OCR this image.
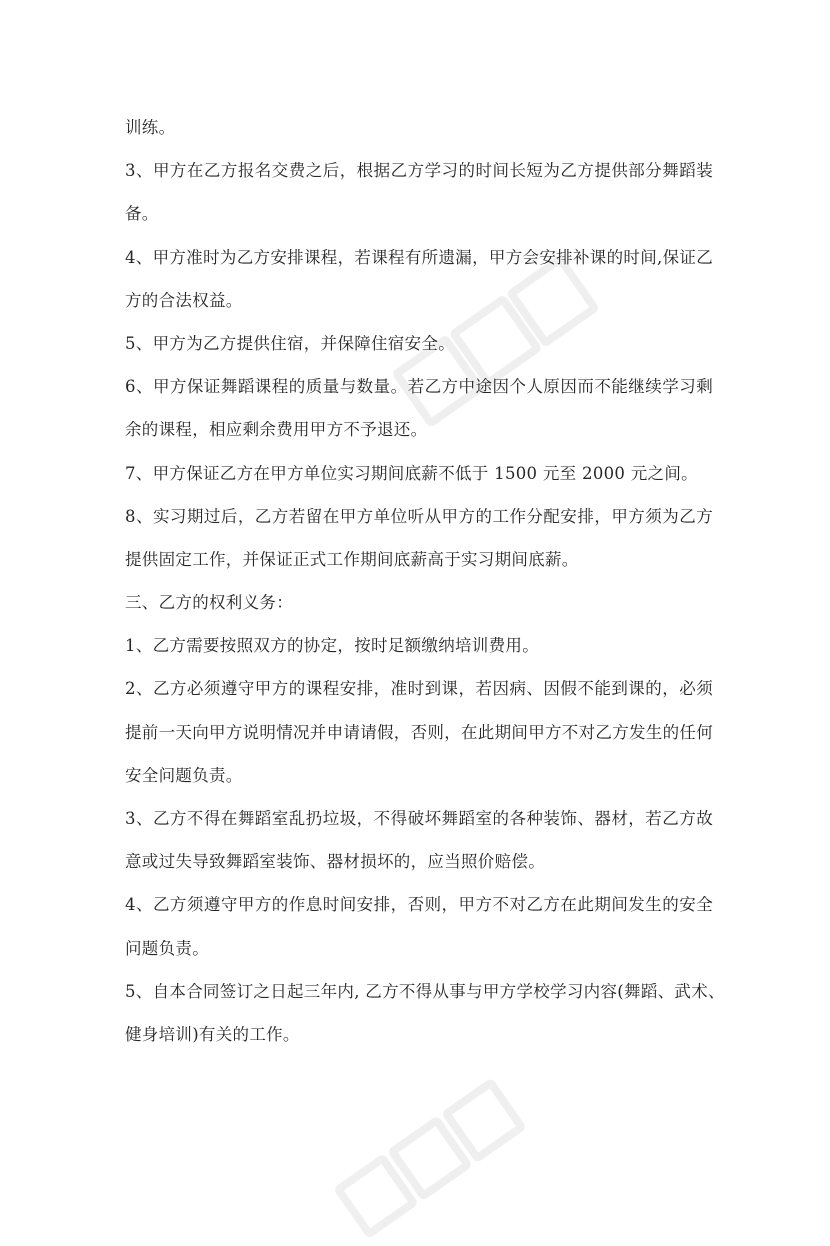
训练。
3、甲方在乙方报名交费之后，根据乙方学习的时间长短为乙方提供部分舞蹈装
备。
4、甲方准时为乙方安排课程，若课程有所遗漏，甲方会安排补课的时间,保证乙
方的合法权益。
5、甲方为乙方提供住宿，并保障住宿安全。
6、甲方保证舞蹈课程的质量与数量。若乙方中途因个人原因而不能继续学习剩
余的课程，相应剩余费用甲方不予退还。
7、甲方保证乙方在甲方单位实习期间底薪不低于 1500 元至 2000 元之间。
8、实习期过后，乙方若留在甲方单位听从甲方的工作分配安排，甲方须为乙方
提供固定工作，并保证正式工作期间底薪高于实习期间底薪。
三、乙方的权利义务：
1、乙方需要按照双方的协定，按时足额缴纳培训费用。
2、乙方必须遵守甲方的课程安排，准时到课，若因病、因假不能到课的，必须
提前一天向甲方说明情况并申请请假，否则，在此期间甲方不对乙方发生的任何
安全问题负责。
3、乙方不得在舞蹈室乱扔垃圾，不得破坏舞蹈室的各种装饰、器材，若乙方故
意或过失导致舞蹈室装饰、器材损坏的，应当照价赔偿。
4、乙方须遵守甲方的作息时间安排，否则，甲方不对乙方在此期间发生的安全
问题负责。
5、自本合同签订之日起三年内, 乙方不得从事与甲方学校学习内容(舞蹈、武术、
健身培训)有关的工作。
